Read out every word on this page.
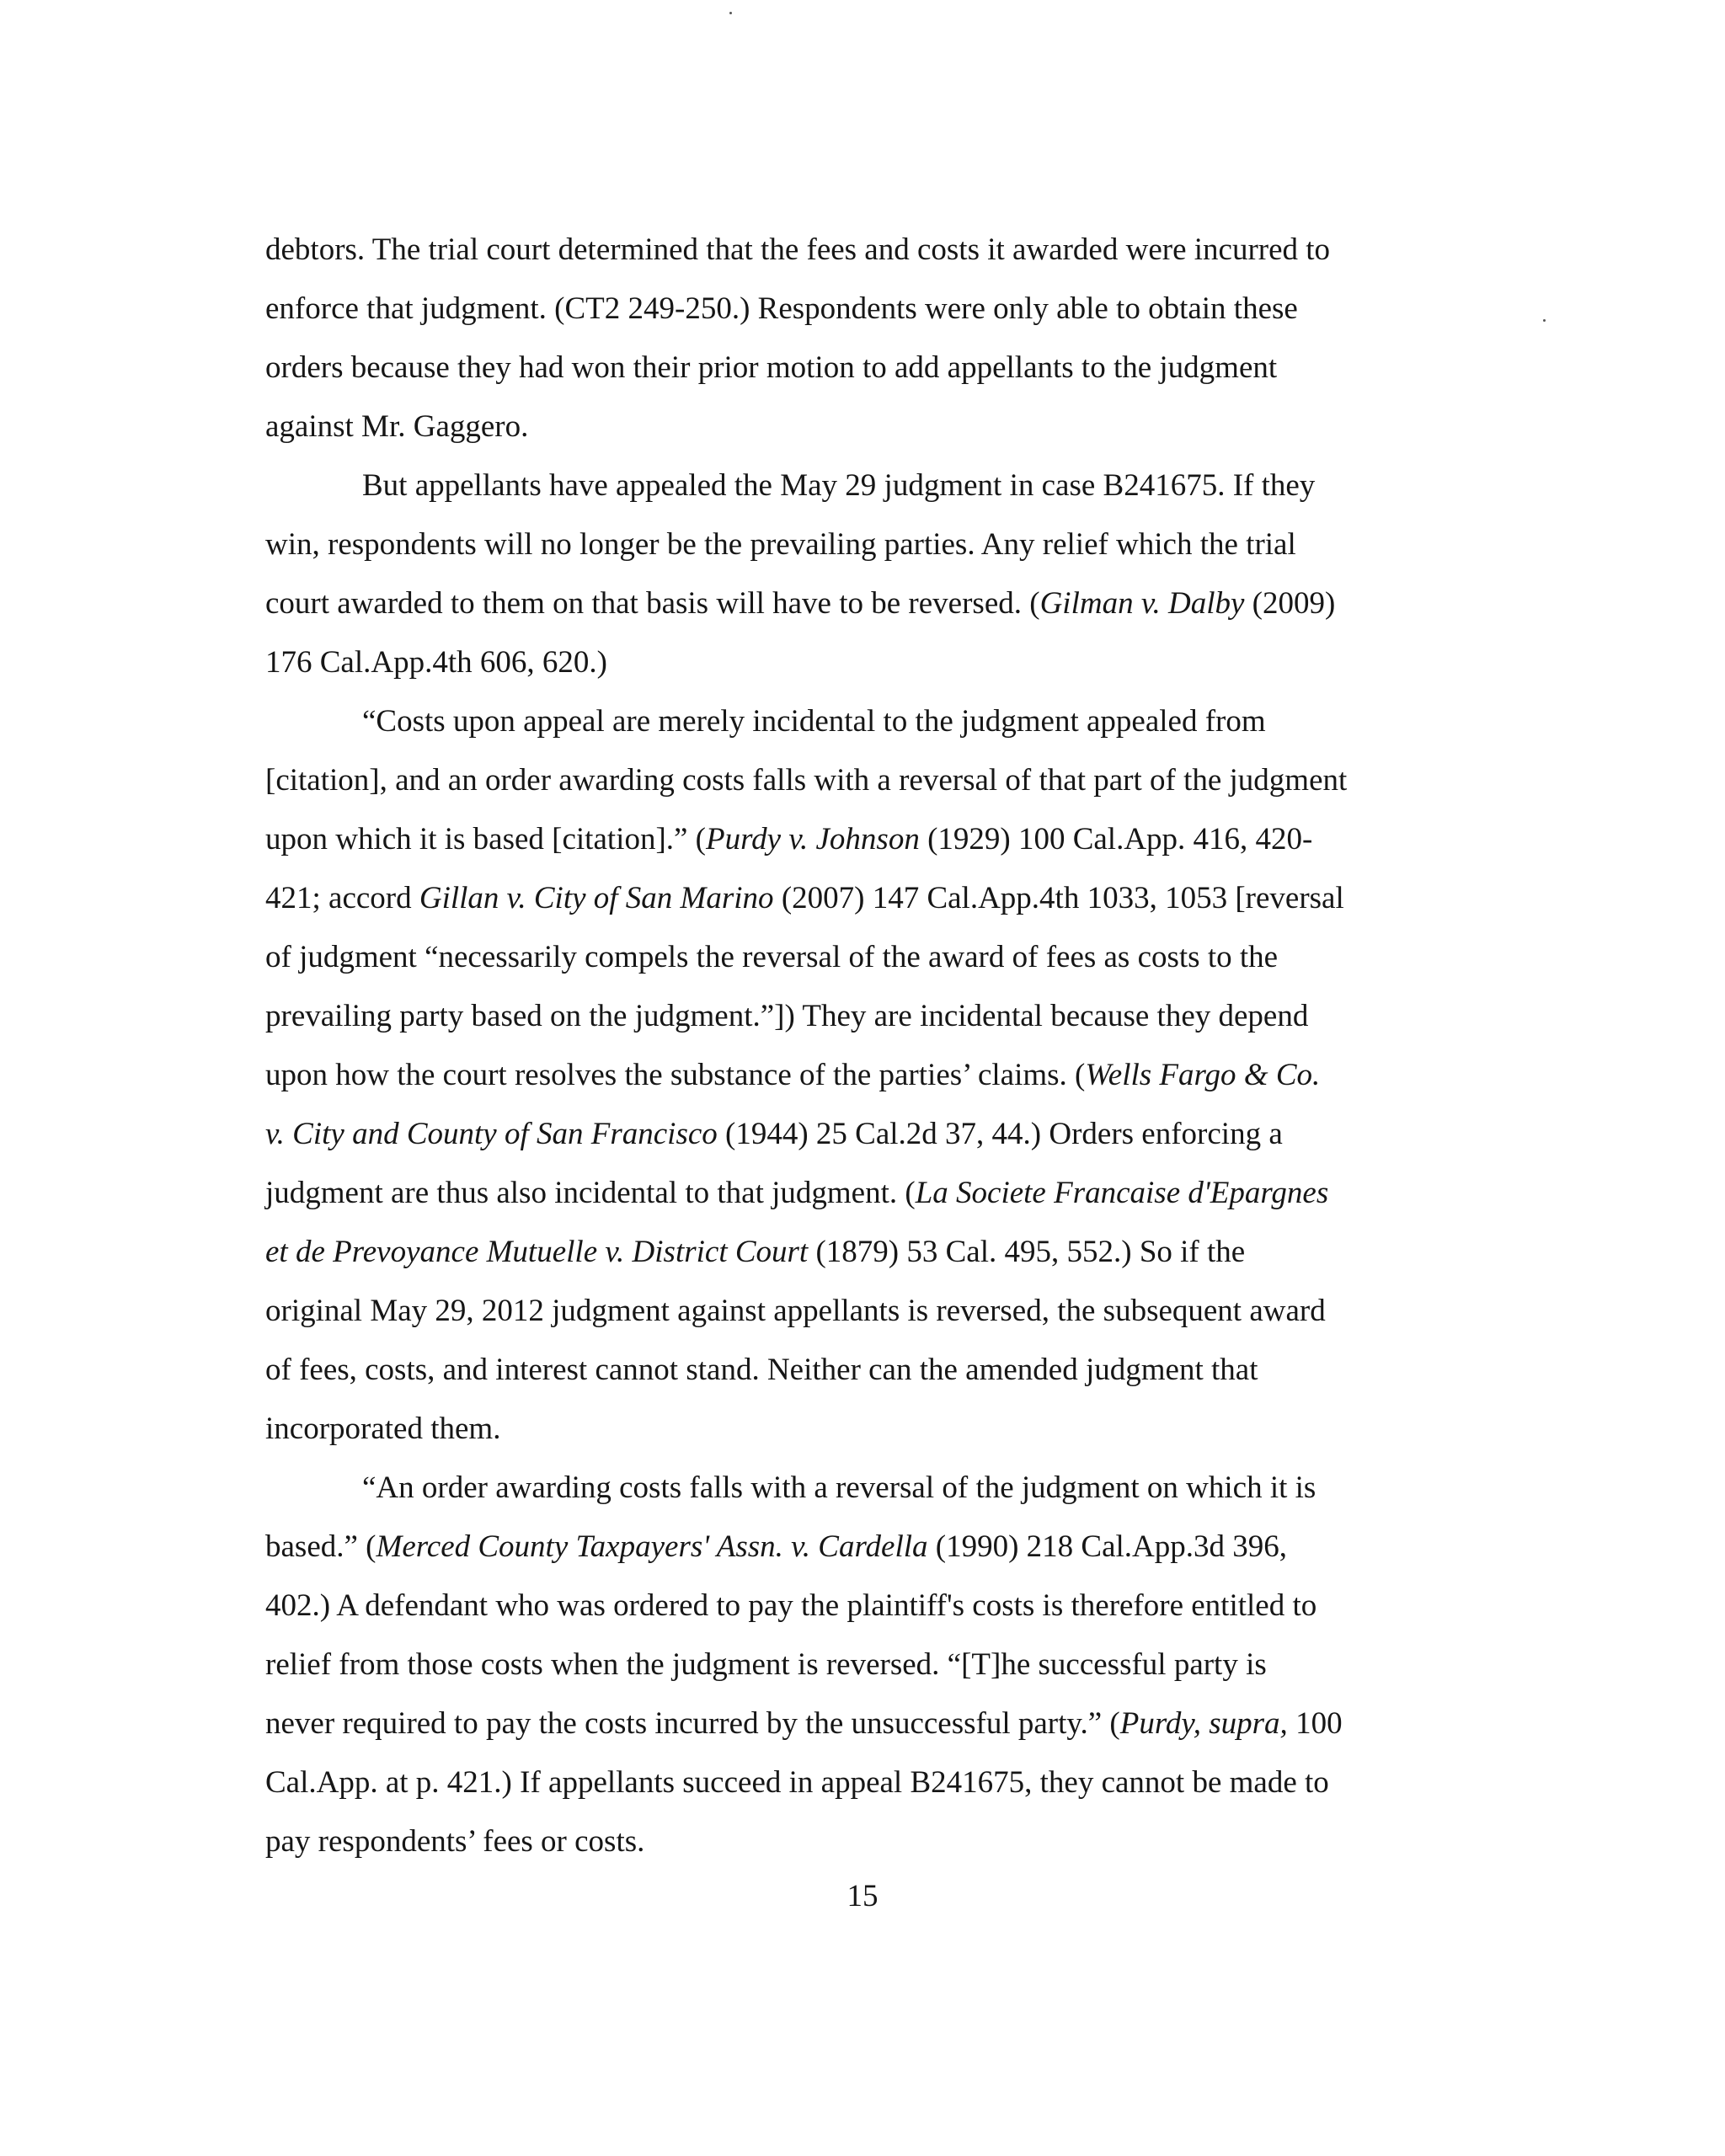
debtors. The trial court determined that the fees and costs it awarded were incurred to
enforce that judgment. (CT2 249-250.) Respondents were only able to obtain these
orders because they had won their prior motion to add appellants to the judgment
against Mr. Gaggero.
But appellants have appealed the May 29 judgment in case B241675. If they
win, respondents will no longer be the prevailing parties. Any relief which the trial
court awarded to them on that basis will have to be reversed. (Gilman v. Dalby (2009)
176 Cal.App.4th 606, 620.)
“Costs upon appeal are merely incidental to the judgment appealed from
[citation], and an order awarding costs falls with a reversal of that part of the judgment
upon which it is based [citation].” (Purdy v. Johnson (1929) 100 Cal.App. 416, 420-
421; accord Gillan v. City of San Marino (2007) 147 Cal.App.4th 1033, 1053 [reversal
of judgment “necessarily compels the reversal of the award of fees as costs to the
prevailing party based on the judgment.”]) They are incidental because they depend
upon how the court resolves the substance of the parties’ claims. (Wells Fargo & Co.
v. City and County of San Francisco (1944) 25 Cal.2d 37, 44.) Orders enforcing a
judgment are thus also incidental to that judgment. (La Societe Francaise d'Epargnes
et de Prevoyance Mutuelle v. District Court (1879) 53 Cal. 495, 552.) So if the
original May 29, 2012 judgment against appellants is reversed, the subsequent award
of fees, costs, and interest cannot stand. Neither can the amended judgment that
incorporated them.
“An order awarding costs falls with a reversal of the judgment on which it is
based.” (Merced County Taxpayers' Assn. v. Cardella (1990) 218 Cal.App.3d 396,
402.) A defendant who was ordered to pay the plaintiff's costs is therefore entitled to
relief from those costs when the judgment is reversed. “[T]he successful party is
never required to pay the costs incurred by the unsuccessful party.” (Purdy, supra, 100
Cal.App. at p. 421.) If appellants succeed in appeal B241675, they cannot be made to
pay respondents’ fees or costs.
15
